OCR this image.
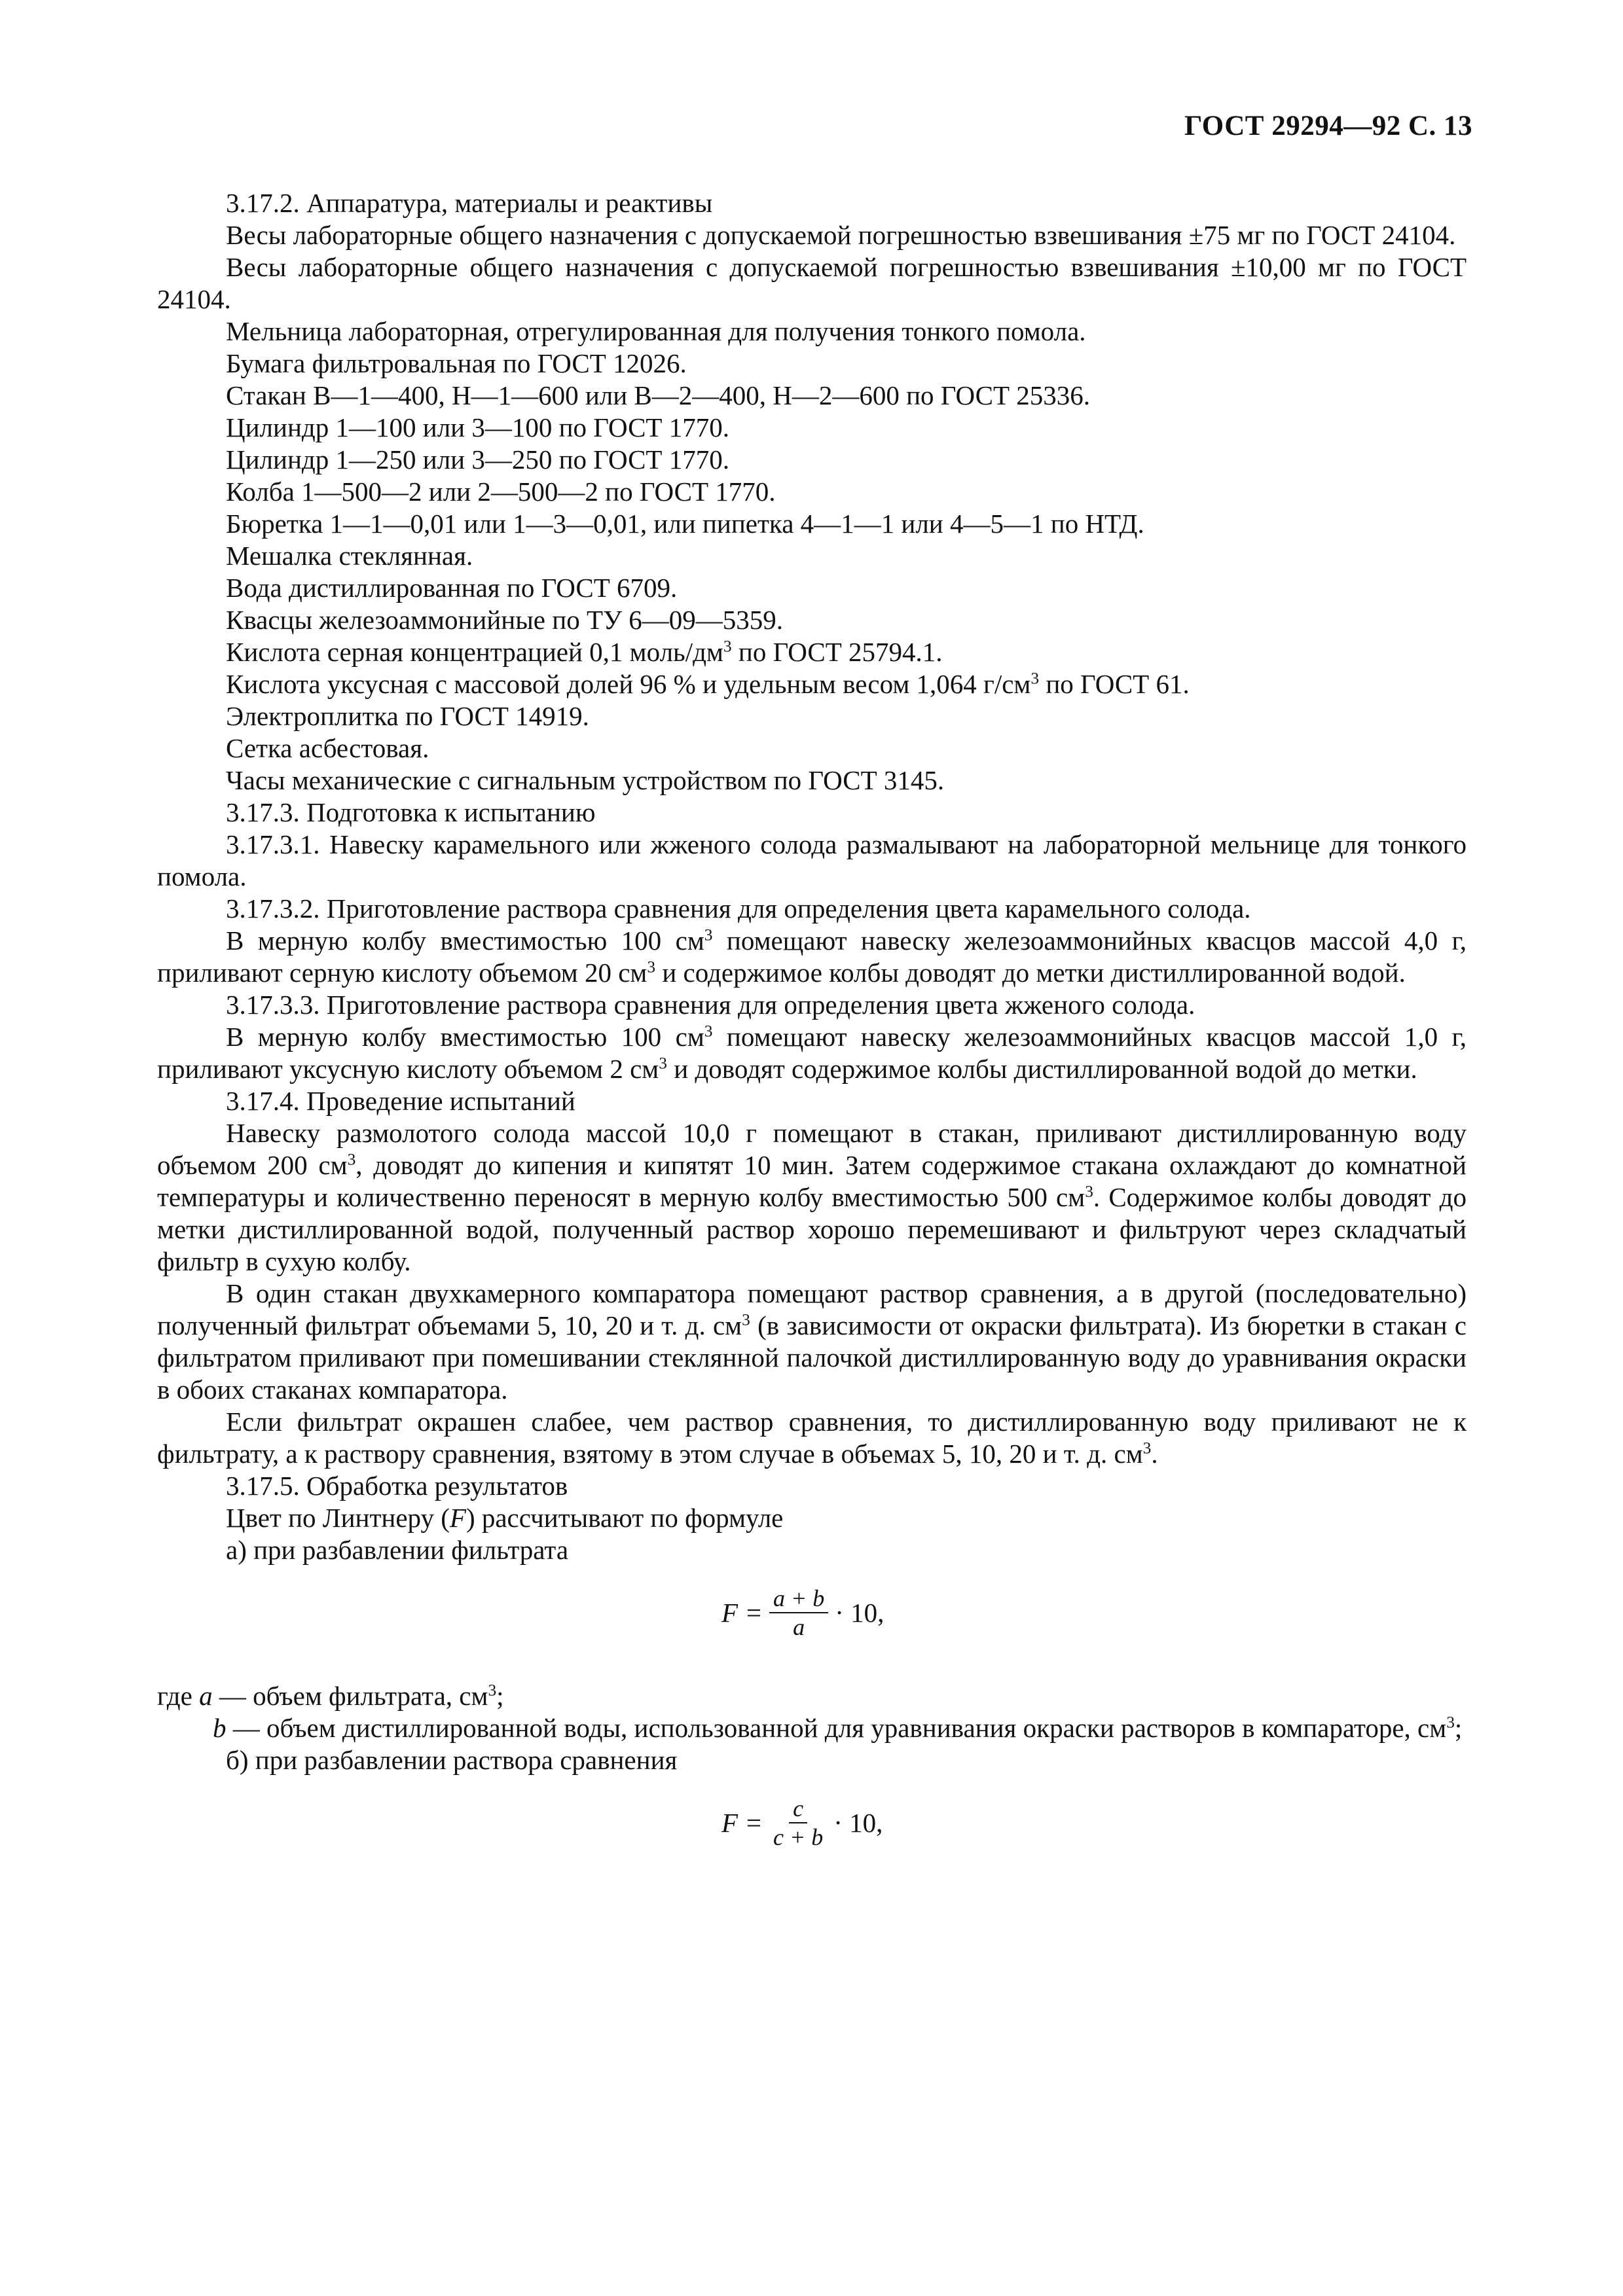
ГОСТ 29294—92 С. 13

3.17.2. Аппаратура, материалы и реактивы

Весы лабораторные общего назначения с допускаемой погрешностью взвешивания ±75 мг по ГОСТ 24104.

Весы лабораторные общего назначения с допускаемой погрешностью взвешивания ±10,00 мг по ГОСТ 24104.

Мельница лабораторная, отрегулированная для получения тонкого помола.

Бумага фильтровальная по ГОСТ 12026.

Стакан В—1—400, Н—1—600 или В—2—400, Н—2—600 по ГОСТ 25336.

Цилиндр 1—100 или 3—100 по ГОСТ 1770.

Цилиндр 1—250 или 3—250 по ГОСТ 1770.

Колба 1—500—2 или 2—500—2 по ГОСТ 1770.

Бюретка 1—1—0,01 или 1—3—0,01, или пипетка 4—1—1 или 4—5—1 по НТД.

Мешалка стеклянная.

Вода дистиллированная по ГОСТ 6709.

Квасцы железоаммонийные по ТУ 6—09—5359.

Кислота серная концентрацией 0,1 моль/$дм^3$ по ГОСТ 25794.1.

Кислота уксусная с массовой долей 96 % и удельным весом 1,064 $г/см^3$ по ГОСТ 61.

Электроплитка по ГОСТ 14919.

Сетка асбестовая.

Часы механические с сигнальным устройством по ГОСТ 3145.

3.17.3. Подготовка к испытанию

3.17.3.1. Навеску карамельного или жженого солода размалывают на лабораторной мельнице для тонкого помола.

3.17.3.2. Приготовление раствора сравнения для определения цвета карамельного солода.

В мерную колбу вместимостью 100 $см^3$ помещают навеску железоаммонийных квасцов массой 4,0 г, приливают серную кислоту объемом 20 $см^3$ и содержимое колбы доводят до метки дистиллированной водой.

3.17.3.3. Приготовление раствора сравнения для определения цвета жженого солода.

В мерную колбу вместимостью 100 $см^3$ помещают навеску железоаммонийных квасцов массой 1,0 г, приливают уксусную кислоту объемом 2 $см^3$ и доводят содержимое колбы дистиллированной водой до метки.

3.17.4. Проведение испытаний

Навеску размолотого солода массой 10,0 г помещают в стакан, приливают дистиллированную воду объемом 200 $см^3$, доводят до кипения и кипятят 10 мин. Затем содержимое стакана охлаждают до комнатной температуры и количественно переносят в мерную колбу вместимостью 500 $см^3$. Содержимое колбы доводят до метки дистиллированной водой, полученный раствор хорошо перемешивают и фильтруют через складчатый фильтр в сухую колбу.

В один стакан двухкамерного компаратора помещают раствор сравнения, а в другой (последовательно) полученный фильтрат объемами 5, 10, 20 и т. д. $см^3$ (в зависимости от окраски фильтрата). Из бюретки в стакан с фильтратом приливают при помешивании стеклянной палочкой дистиллированную воду до уравнивания окраски в обоих стаканах компаратора.

Если фильтрат окрашен слабее, чем раствор сравнения, то дистиллированную воду приливают не к фильтрату, а к раствору сравнения, взятому в этом случае в объемах 5, 10, 20 и т. д. $см^3$.

3.17.5. Обработка результатов

Цвет по Линтнеру (F) рассчитывают по формуле

а) при разбавлении фильтрата

$F = \frac{a + b}{a} \cdot 10$,

где a — объем фильтрата, $см^3$;

b — объем дистиллированной воды, использованной для уравнивания окраски растворов в компараторе, $см^3$;

б) при разбавлении раствора сравнения

$F = \frac{c}{c + b} \cdot 10$,
